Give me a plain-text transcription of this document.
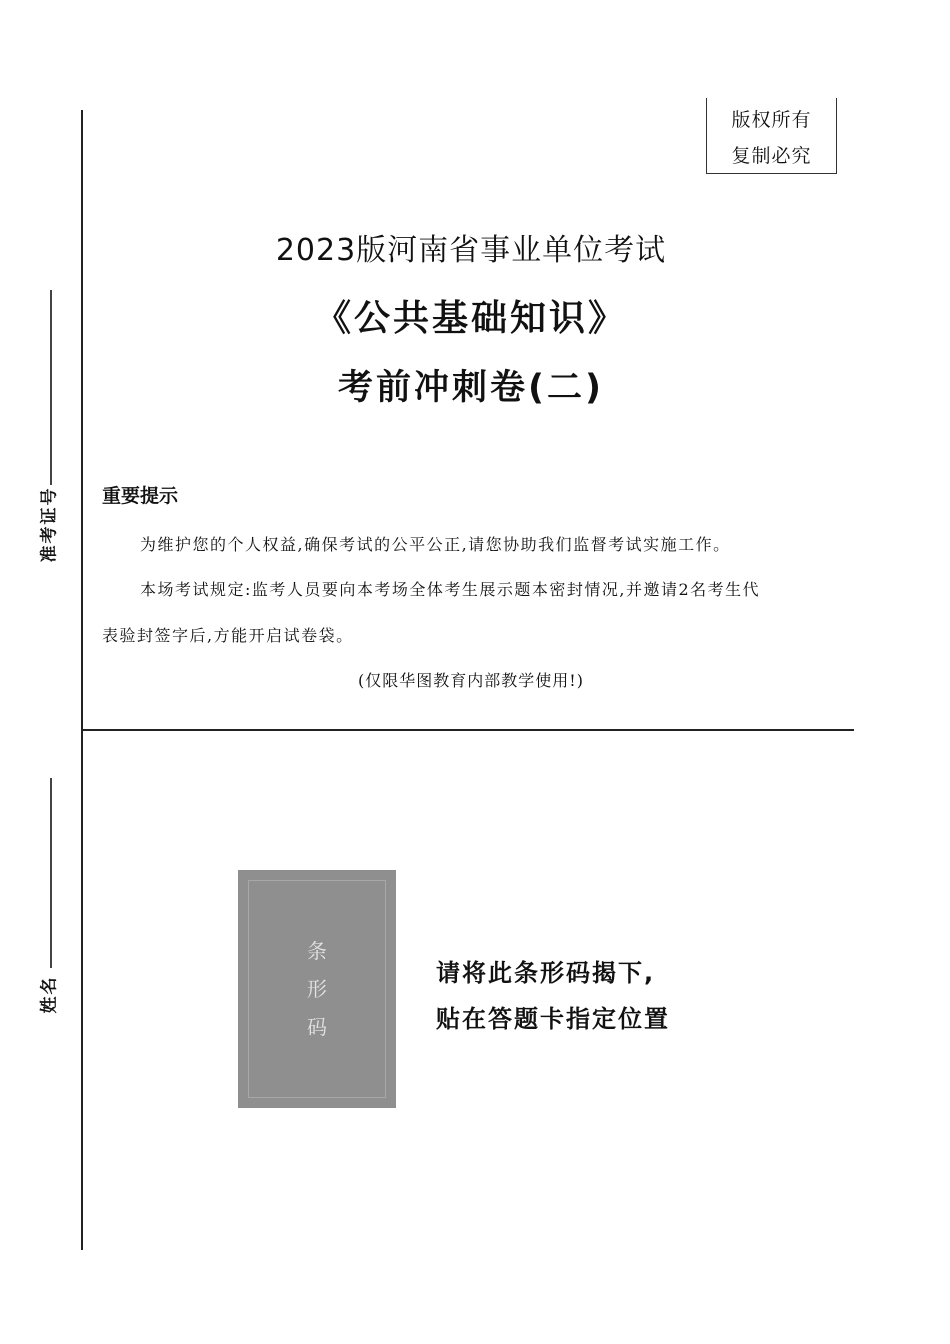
版权所有
复制必究
准考证号
姓名
2023版河南省事业单位考试
《公共基础知识》
考前冲刺卷(二)
重要提示
为维护您的个人权益,确保考试的公平公正,请您协助我们监督考试实施工作。
本场考试规定:监考人员要向本考场全体考生展示题本密封情况,并邀请2名考生代
表验封签字后,方能开启试卷袋。
(仅限华图教育内部教学使用!)
条
形
码
请将此条形码揭下,
贴在答题卡指定位置
